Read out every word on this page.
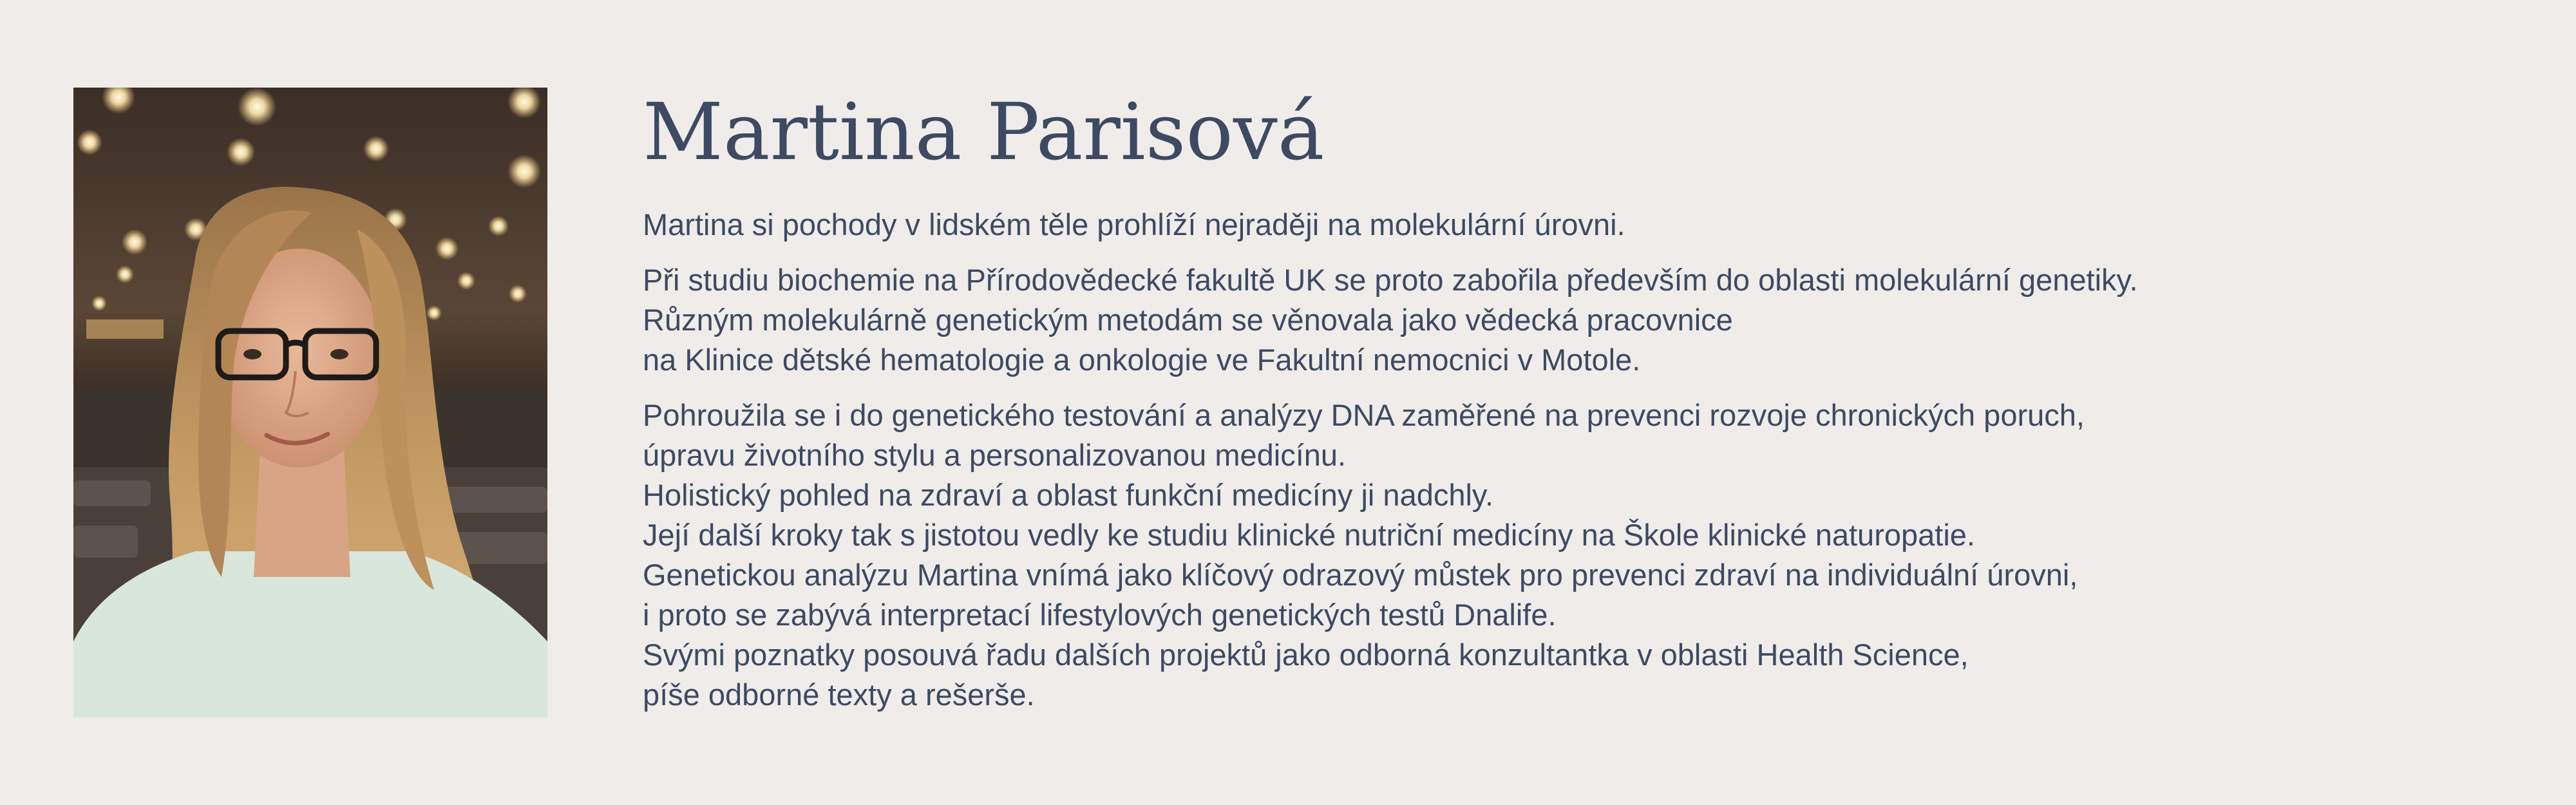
Martina Parisová

Martina si pochody v lidském těle prohlíží nejraději na molekulární úrovni.

Při studiu biochemie na Přírodovědecké fakultě UK se proto zabořila především do oblasti molekulární genetiky.
Různým molekulárně genetickým metodám se věnovala jako vědecká pracovnice
na Klinice dětské hematologie a onkologie ve Fakultní nemocnici v Motole.

Pohroužila se i do genetického testování a analýzy DNA zaměřené na prevenci rozvoje chronických poruch,
úpravu životního stylu a personalizovanou medicínu.
Holistický pohled na zdraví a oblast funkční medicíny ji nadchly.
Její další kroky tak s jistotou vedly ke studiu klinické nutriční medicíny na Škole klinické naturopatie.
Genetickou analýzu Martina vnímá jako klíčový odrazový můstek pro prevenci zdraví na individuální úrovni,
i proto se zabývá interpretací lifestylových genetických testů Dnalife.
Svými poznatky posouvá řadu dalších projektů jako odborná konzultantka v oblasti Health Science,
píše odborné texty a rešerše.
